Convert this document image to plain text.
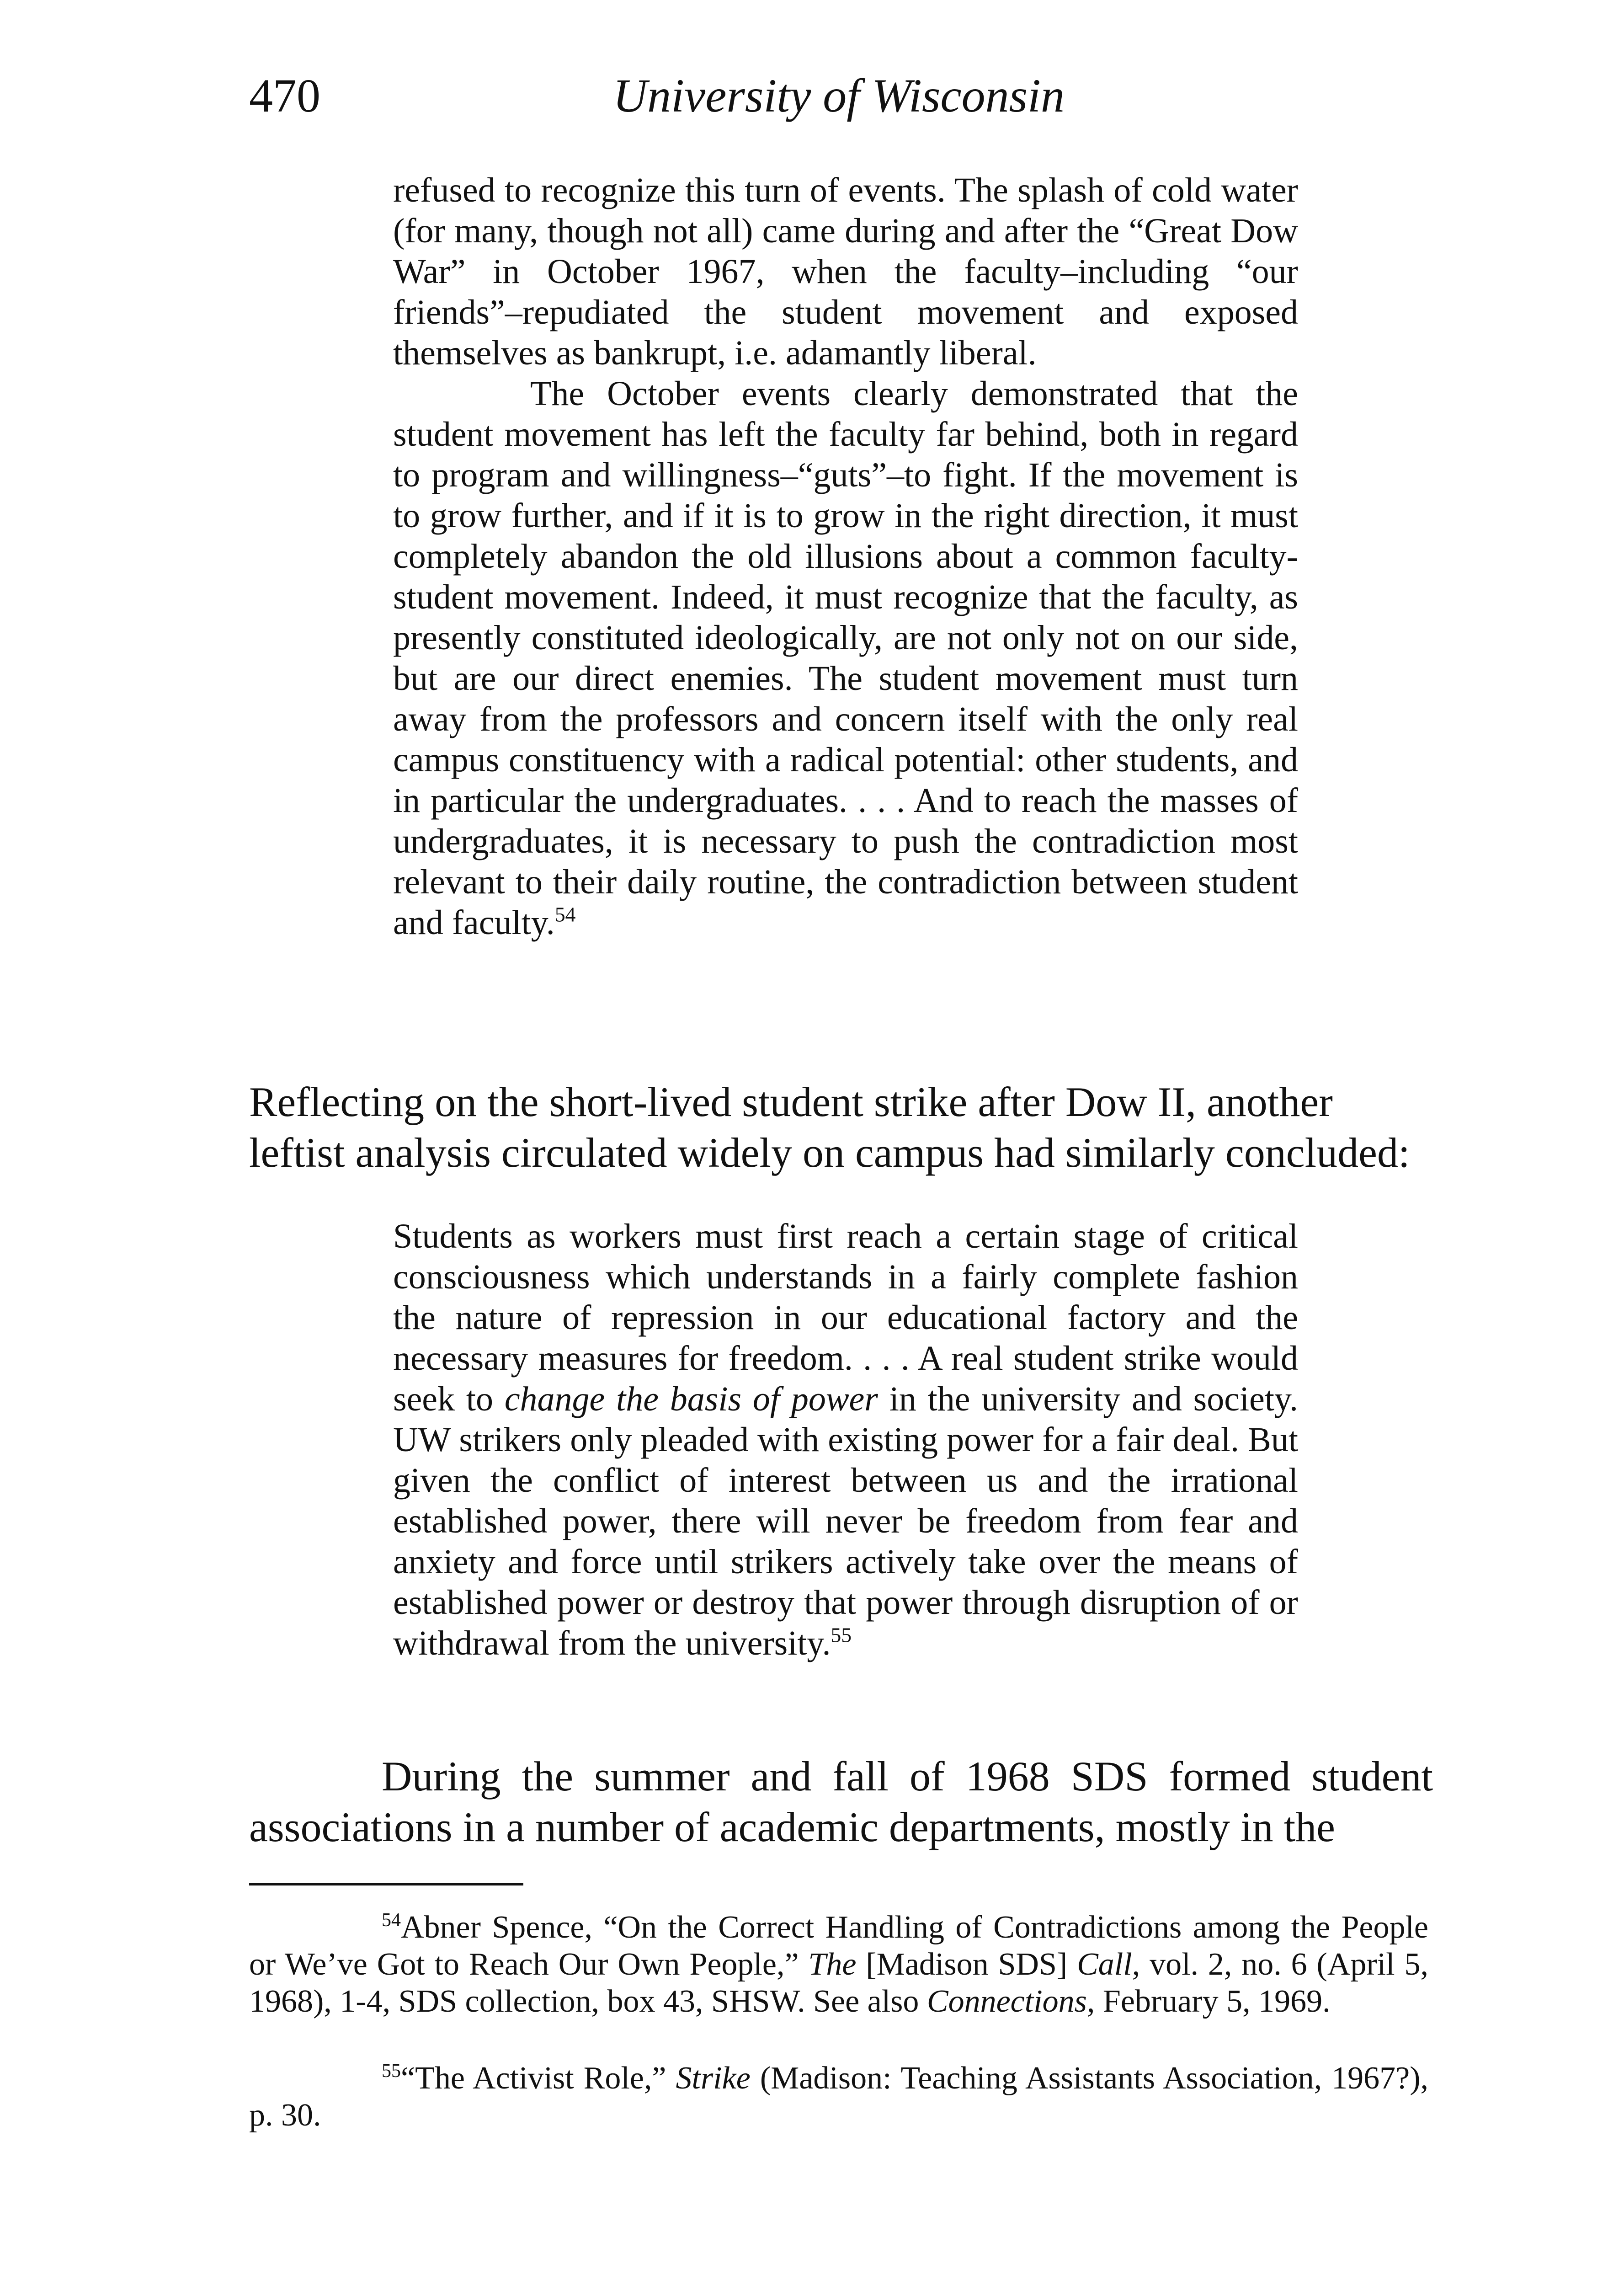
470	University of Wisconsin

refused to recognize this turn of events. The splash of cold water (for many, though not all) came during and after the “Great Dow War” in October 1967, when the faculty–including “our friends”–repudiated the student movement and exposed themselves as bankrupt, i.e. adamantly liberal.

The October events clearly demonstrated that the student movement has left the faculty far behind, both in regard to program and willingness–“guts”–to fight. If the movement is to grow further, and if it is to grow in the right direction, it must completely abandon the old illusions about a common faculty-student movement. Indeed, it must recognize that the faculty, as presently constituted ideologically, are not only not on our side, but are our direct enemies. The student movement must turn away from the professors and concern itself with the only real campus constituency with a radical potential: other students, and in particular the undergraduates. . . . And to reach the masses of undergraduates, it is necessary to push the contradiction most relevant to their daily routine, the contradiction between student and faculty.$^{54}$

Reflecting on the short-lived student strike after Dow II, another leftist analysis circulated widely on campus had similarly concluded:

Students as workers must first reach a certain stage of critical consciousness which understands in a fairly complete fashion the nature of repression in our educational factory and the necessary measures for freedom. . . . A real student strike would seek to change the basis of power in the university and society. UW strikers only pleaded with existing power for a fair deal. But given the conflict of interest between us and the irrational established power, there will never be freedom from fear and anxiety and force until strikers actively take over the means of established power or destroy that power through disruption of or withdrawal from the university.$^{55}$

During the summer and fall of 1968 SDS formed student associations in a number of academic departments, mostly in the

$^{54}$Abner Spence, “On the Correct Handling of Contradictions among the People or We’ve Got to Reach Our Own People,” The [Madison SDS] Call, vol. 2, no. 6 (April 5, 1968), 1-4, SDS collection, box 43, SHSW. See also Connections, February 5, 1969.

$^{55}$“The Activist Role,” Strike (Madison: Teaching Assistants Association, 1967?), p. 30.
